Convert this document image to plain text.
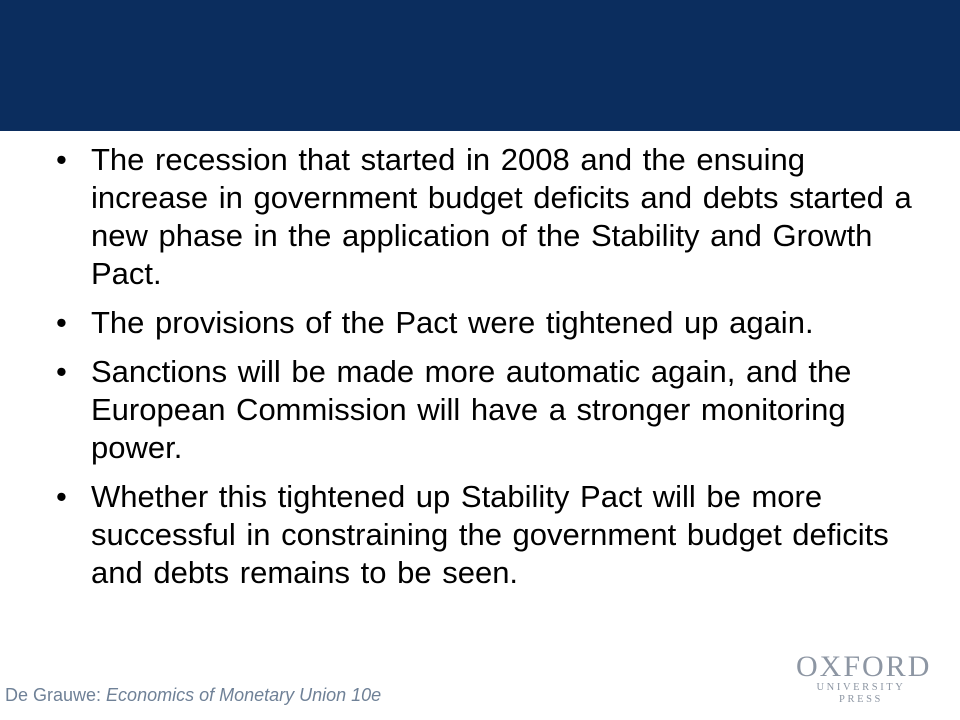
• The recession that started in 2008 and the ensuing increase in government budget deficits and debts started a new phase in the application of the Stability and Growth Pact.
• The provisions of the Pact were tightened up again.
• Sanctions will be made more automatic again, and the European Commission will have a stronger monitoring power.
• Whether this tightened up Stability Pact will be more successful in constraining the government budget deficits and debts remains to be seen.
De Grauwe: Economics of Monetary Union 10e
OXFORD
UNIVERSITY PRESS
